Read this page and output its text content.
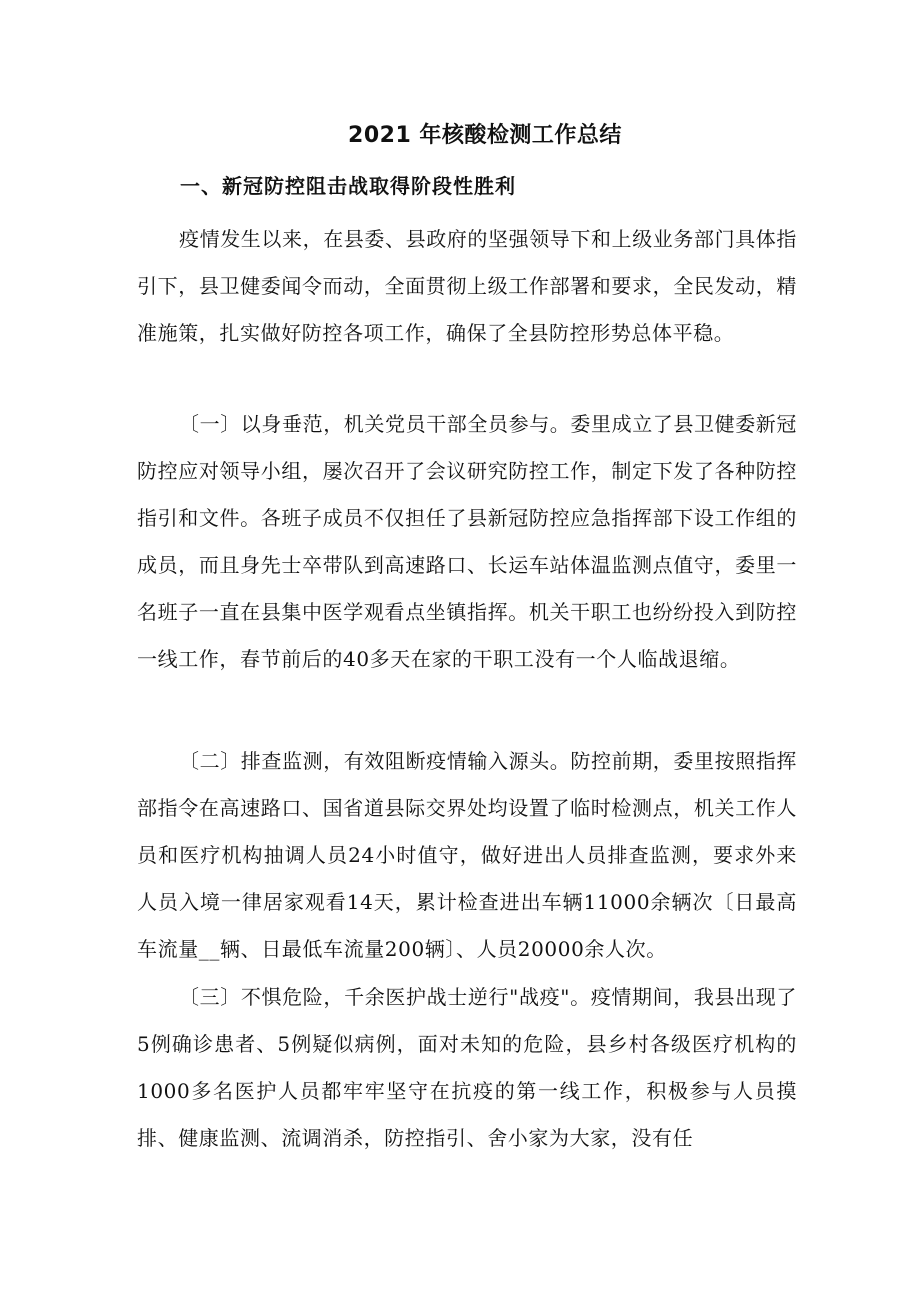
2021 年核酸检测工作总结
一、新冠防控阻击战取得阶段性胜利

疫情发生以来，在县委、县政府的坚强领导下和上级业务部门具体指引下，县卫健委闻令而动，全面贯彻上级工作部署和要求，全民发动，精准施策，扎实做好防控各项工作，确保了全县防控形势总体平稳。

〔一〕以身垂范，机关党员干部全员参与。委里成立了县卫健委新冠防控应对领导小组，屡次召开了会议研究防控工作，制定下发了各种防控指引和文件。各班子成员不仅担任了县新冠防控应急指挥部下设工作组的成员，而且身先士卒带队到高速路口、长运车站体温监测点值守，委里一名班子一直在县集中医学观看点坐镇指挥。机关干职工也纷纷投入到防控一线工作，春节前后的40多天在家的干职工没有一个人临战退缩。

〔二〕排查监测，有效阻断疫情输入源头。防控前期，委里按照指挥部指令在高速路口、国省道县际交界处均设置了临时检测点，机关工作人员和医疗机构抽调人员24小时值守，做好进出人员排查监测，要求外来人员入境一律居家观看14天，累计检查进出车辆11000余辆次〔日最高车流量__辆、日最低车流量200辆〕、人员20000余人次。

〔三〕不惧危险，千余医护战士逆行"战疫"。疫情期间，我县出现了5例确诊患者、5例疑似病例，面对未知的危险，县乡村各级医疗机构的1000多名医护人员都牢牢坚守在抗疫的第一线工作，积极参与人员摸排、健康监测、流调消杀，防控指引、舍小家为大家，没有任
